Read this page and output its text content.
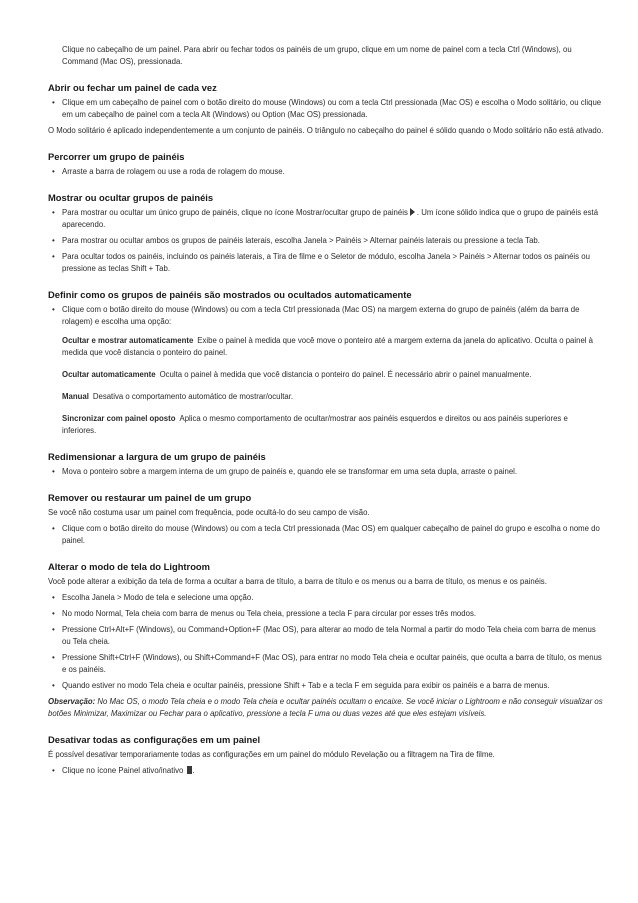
Clique no cabeçalho de um painel. Para abrir ou fechar todos os painéis de um grupo, clique em um nome de painel com a tecla Ctrl (Windows), ou Command (Mac OS), pressionada.

Abrir ou fechar um painel de cada vez
• Clique em um cabeçalho de painel com o botão direito do mouse (Windows) ou com a tecla Ctrl pressionada (Mac OS) e escolha o Modo solitário, ou clique em um cabeçalho de painel com a tecla Alt (Windows) ou Option (Mac OS) pressionada.

O Modo solitário é aplicado independentemente a um conjunto de painéis. O triângulo no cabeçalho do painel é sólido quando o Modo solitário não está ativado.

Percorrer um grupo de painéis
• Arraste a barra de rolagem ou use a roda de rolagem do mouse.
Mostrar ou ocultar grupos de painéis
• Para mostrar ou ocultar um único grupo de painéis, clique no ícone Mostrar/ocultar grupo de painéis . Um ícone sólido indica que o grupo de painéis está aparecendo.
• Para mostrar ou ocultar ambos os grupos de painéis laterais, escolha Janela > Painéis > Alternar painéis laterais ou pressione a tecla Tab.
• Para ocultar todos os painéis, incluindo os painéis laterais, a Tira de filme e o Seletor de módulo, escolha Janela > Painéis > Alternar todos os painéis ou pressione as teclas Shift + Tab.
Definir como os grupos de painéis são mostrados ou ocultados automaticamente
• Clique com o botão direito do mouse (Windows) ou com a tecla Ctrl pressionada (Mac OS) na margem externa do grupo de painéis (além da barra de rolagem) e escolha uma opção:

Ocultar e mostrar automaticamente Exibe o painel à medida que você move o ponteiro até a margem externa da janela do aplicativo. Oculta o painel à medida que você distancia o ponteiro do painel.

Ocultar automaticamente Oculta o painel à medida que você distancia o ponteiro do painel. É necessário abrir o painel manualmente.

Manual Desativa o comportamento automático de mostrar/ocultar.

Sincronizar com painel oposto Aplica o mesmo comportamento de ocultar/mostrar aos painéis esquerdos e direitos ou aos painéis superiores e inferiores.

Redimensionar a largura de um grupo de painéis
• Mova o ponteiro sobre a margem interna de um grupo de painéis e, quando ele se transformar em uma seta dupla, arraste o painel.
Remover ou restaurar um painel de um grupo

Se você não costuma usar um painel com frequência, pode ocultá-lo do seu campo de visão.

• Clique com o botão direito do mouse (Windows) ou com a tecla Ctrl pressionada (Mac OS) em qualquer cabeçalho de painel do grupo e escolha o nome do painel.
Alterar o modo de tela do Lightroom

Você pode alterar a exibição da tela de forma a ocultar a barra de título, a barra de título e os menus ou a barra de título, os menus e os painéis.

• Escolha Janela > Modo de tela e selecione uma opção.
• No modo Normal, Tela cheia com barra de menus ou Tela cheia, pressione a tecla F para circular por esses três modos.
• Pressione Ctrl+Alt+F (Windows), ou Command+Option+F (Mac OS), para alterar ao modo de tela Normal a partir do modo Tela cheia com barra de menus ou Tela cheia.
• Pressione Shift+Ctrl+F (Windows), ou Shift+Command+F (Mac OS), para entrar no modo Tela cheia e ocultar painéis, que oculta a barra de título, os menus e os painéis.
• Quando estiver no modo Tela cheia e ocultar painéis, pressione Shift + Tab e a tecla F em seguida para exibir os painéis e a barra de menus.

Observação: No Mac OS, o modo Tela cheia e o modo Tela cheia e ocultar painéis ocultam o encaixe. Se você iniciar o Lightroom e não conseguir visualizar os botões Minimizar, Maximizar ou Fechar para o aplicativo, pressione a tecla F uma ou duas vezes até que eles estejam visíveis.

Desativar todas as configurações em um painel

É possível desativar temporariamente todas as configurações em um painel do módulo Revelação ou a filtragem na Tira de filme.

• Clique no ícone Painel ativo/inativo .
